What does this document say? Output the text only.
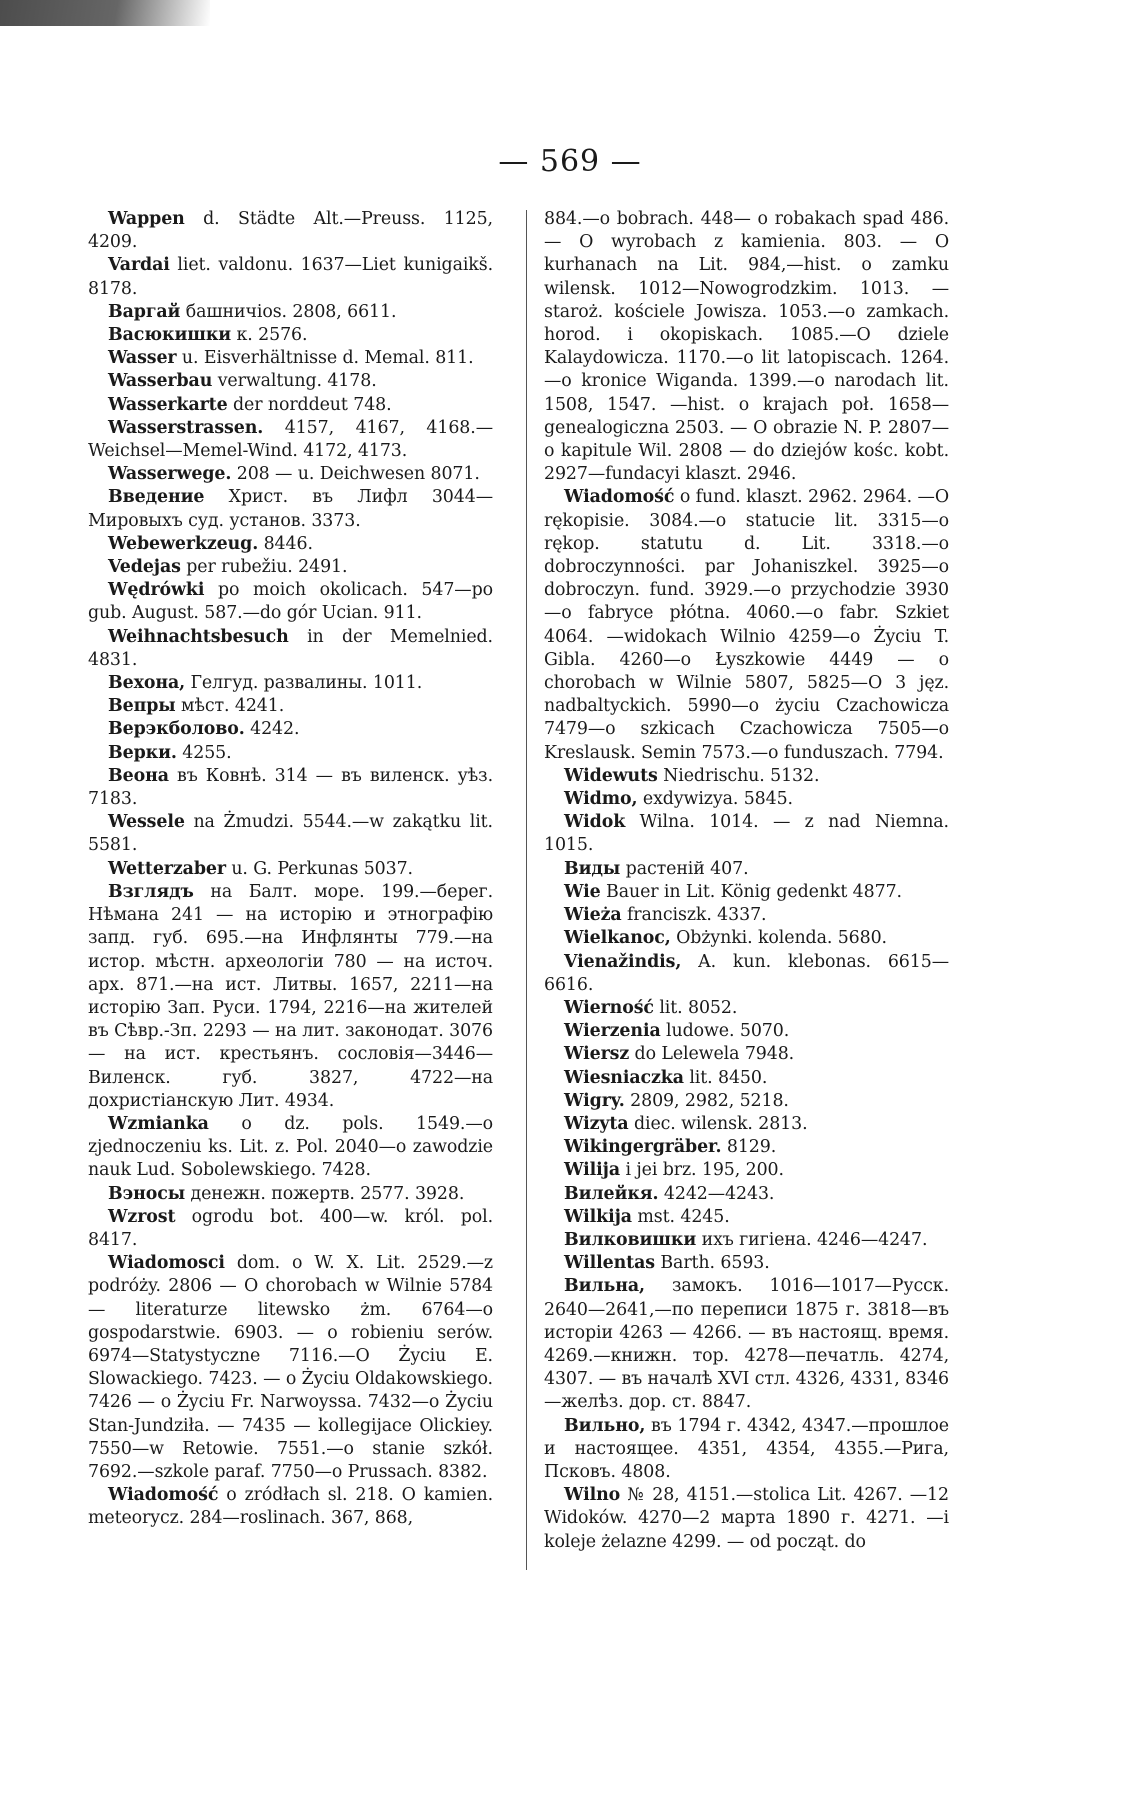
— 569 —
Wappen d. Städte Alt.—Preuss. 1125, 4209.
Vardai liet. valdonu. 1637—Liet kunigaikš. 8178.
Варгай башничios. 2808, 6611.
Васюкишки к. 2576.
Wasser u. Eisverhältnisse d. Memal. 811.
Wasserbau verwaltung. 4178.
Wasserkarte der norddeut 748.
Wasserstrassen. 4157, 4167, 4168.—Weichsel—Memel-Wind. 4172, 4173.
Wasserwege. 208 — u. Deichwesen 8071.
Введение Христ. въ Лифл 3044—Мировыхъ суд. установ. 3373.
Webewerkzeug. 8446.
Vedejas per rubežiu. 2491.
Wędrówki po moich okolicach. 547—po gub. August. 587.—do gór Ucian. 911.
Weihnachtsbesuch in der Memelnied. 4831.
Вехона, Гелгуд. развалины. 1011.
Вепры мѣст. 4241.
Верэкболово. 4242.
Верки. 4255.
Веона въ Ковнѣ. 314 — въ виленск. уѣз. 7183.
Wessele na Żmudzi. 5544.—w zakątku lit. 5581.
Wetterzaber u. G. Perkunas 5037.
Взглядъ на Балт. море. 199.—берег. Нѣмана 241 — на исторію и этнографію запд. губ. 695.—на Инфлянты 779.—на истор. мѣстн. археологіи 780 — на источ. арх. 871.—на ист. Литвы. 1657, 2211—на исторію Зап. Руси. 1794, 2216—на жителей въ Сѣвр.-Зп. 2293 — на лит. законодат. 3076 — на ист. крестьянъ. сословія—3446—Виленск. губ. 3827, 4722—на дохристіанскую Лит. 4934.
Wzmianka o dz. pols. 1549.—o zjednoczeniu ks. Lit. z. Pol. 2040—o zawodzie nauk Lud. Sobolewskiego. 7428.
Вэносы денежн. пожертв. 2577. 3928.
Wzrost ogrodu bot. 400—w. król. pol. 8417.
Wiadomosci dom. o W. X. Lit. 2529.—z podróży. 2806 — O chorobach w Wilnie 5784 — literaturze litewsko żm. 6764—o gospodarstwie. 6903. — o robieniu serów. 6974—Statystyczne 7116.—O Życiu E. Slowackiego. 7423. — o Życiu Oldakowskiego. 7426 — o Życiu Fr. Narwoyssa. 7432—o Życiu Stan-Jundziła. — 7435 — kollegijace Olickiey. 7550—w Retowie. 7551.—o stanie szkół. 7692.—szkole paraf. 7750—o Prussach. 8382.
Wiadomość o zródłach sl. 218. O kamien. meteorycz. 284—roslinach. 367, 868,
884.—o bobrach. 448— o robakach spad 486. — O wyrobach z kamienia. 803. — O kurhanach na Lit. 984,—hist. o zamku wilensk. 1012—Nowogrodzkim. 1013. — staroż. kościele Jowisza. 1053.—o zamkach. horod. i okopiskach. 1085.—O dziele Kalaydowicza. 1170.—o lit latopiscach. 1264.—o kronice Wiganda. 1399.—o narodach lit. 1508, 1547. —hist. o krajach poł. 1658—genealogiczna 2503. — O obrazie N. P. 2807—o kapitule Wil. 2808 — do dziejów kośc. kobt. 2927—fundacyi klaszt. 2946.
Wiadomość o fund. klaszt. 2962. 2964. —O rękopisie. 3084.—o statucie lit. 3315—o rękop. statutu d. Lit. 3318.—o dobroczynności. par Johaniszkel. 3925—o dobroczyn. fund. 3929.—o przychodzie 3930—o fabryce płótna. 4060.—o fabr. Szkiet 4064. —widokach Wilnio 4259—o Życiu T. Gibla. 4260—o Łyszkowie 4449 — o chorobach w Wilnie 5807, 5825—O 3 jęz. nadbaltyckich. 5990—o życiu Czachowicza 7479—o szkicach Czachowicza 7505—o Kreslausk. Semin 7573.—o funduszach. 7794.
Widewuts Niedrischu. 5132.
Widmo, exdywizya. 5845.
Widok Wilna. 1014. — z nad Niemna. 1015.
Виды растеній 407.
Wie Bauer in Lit. König gedenkt 4877.
Wieża franciszk. 4337.
Wielkanoc, Obżynki. kolenda. 5680.
Vienažindis, A. kun. klebonas. 6615—6616.
Wierność lit. 8052.
Wierzenia ludowe. 5070.
Wiersz do Lelewela 7948.
Wiesniaczka lit. 8450.
Wigry. 2809, 2982, 5218.
Wizyta diec. wilensk. 2813.
Wikingergräber. 8129.
Wilija i jei brz. 195, 200.
Вилейкя. 4242—4243.
Wilkija mst. 4245.
Вилковишки ихъ гигіена. 4246—4247.
Willentas Barth. 6593.
Вильна, замокъ. 1016—1017—Русск. 2640—2641,—по переписи 1875 г. 3818—въ исторіи 4263 — 4266. — въ настоящ. время. 4269.—книжн. тор. 4278—печатль. 4274, 4307. — въ началѣ XVI стл. 4326, 4331, 8346—желѣз. дор. ст. 8847.
Вильно, въ 1794 г. 4342, 4347.—прошлое и настоящее. 4351, 4354, 4355.—Рига, Псковъ. 4808.
Wilno № 28, 4151.—stolica Lit. 4267. —12 Widoków. 4270—2 марта 1890 г. 4271. —i koleje żelazne 4299. — od począt. do
